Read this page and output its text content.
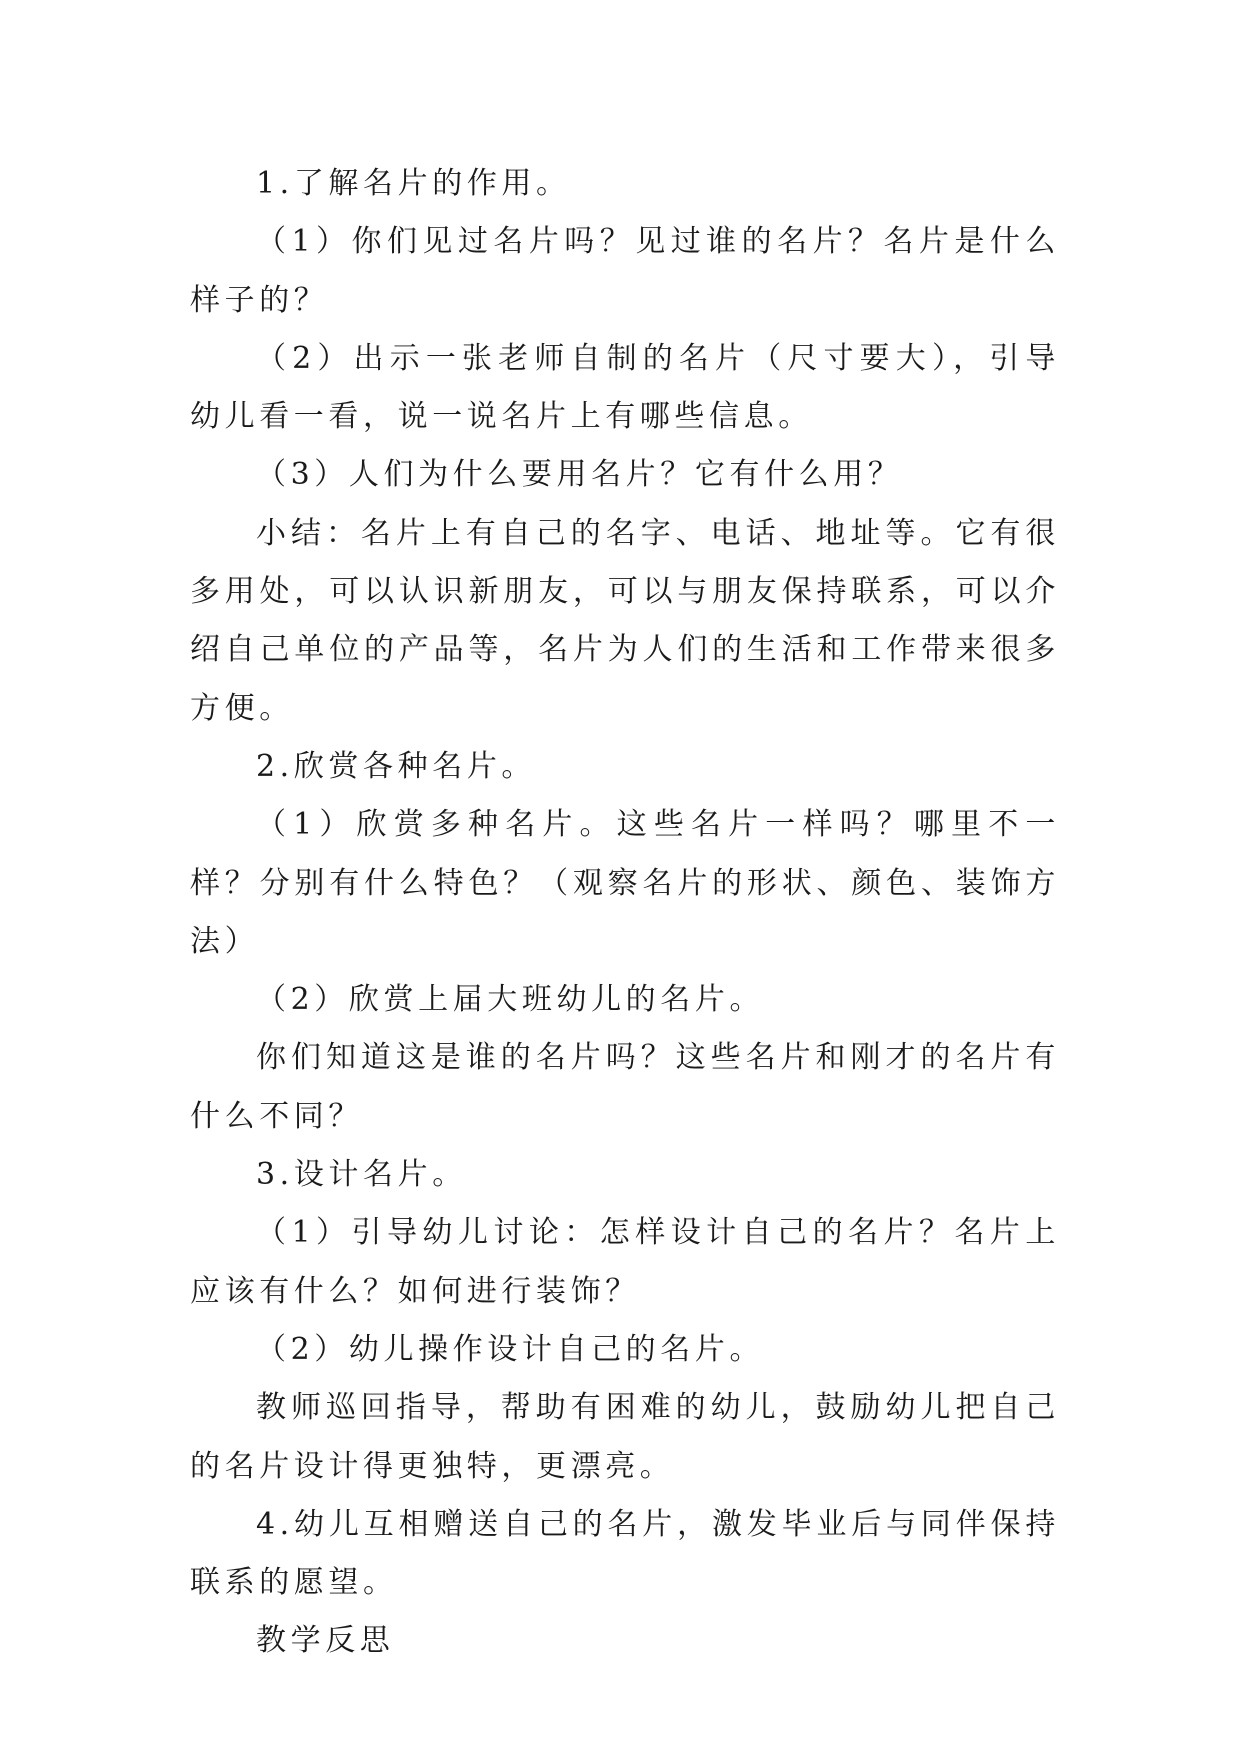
1.了解名片的作用。

（1）你们见过名片吗？见过谁的名片？名片是什么样子的？

（2）出示一张老师自制的名片（尺寸要大），引导幼儿看一看，说一说名片上有哪些信息。

（3）人们为什么要用名片？它有什么用？

小结：名片上有自己的名字、电话、地址等。它有很多用处，可以认识新朋友，可以与朋友保持联系，可以介绍自己单位的产品等，名片为人们的生活和工作带来很多方便。

2.欣赏各种名片。

（1）欣赏多种名片。这些名片一样吗？哪里不一样？分别有什么特色？（观察名片的形状、颜色、装饰方法）

（2）欣赏上届大班幼儿的名片。

你们知道这是谁的名片吗？这些名片和刚才的名片有什么不同？

3.设计名片。

（1）引导幼儿讨论：怎样设计自己的名片？名片上应该有什么？如何进行装饰？

（2）幼儿操作设计自己的名片。

教师巡回指导，帮助有困难的幼儿，鼓励幼儿把自己的名片设计得更独特，更漂亮。

4.幼儿互相赠送自己的名片，激发毕业后与同伴保持联系的愿望。

教学反思
